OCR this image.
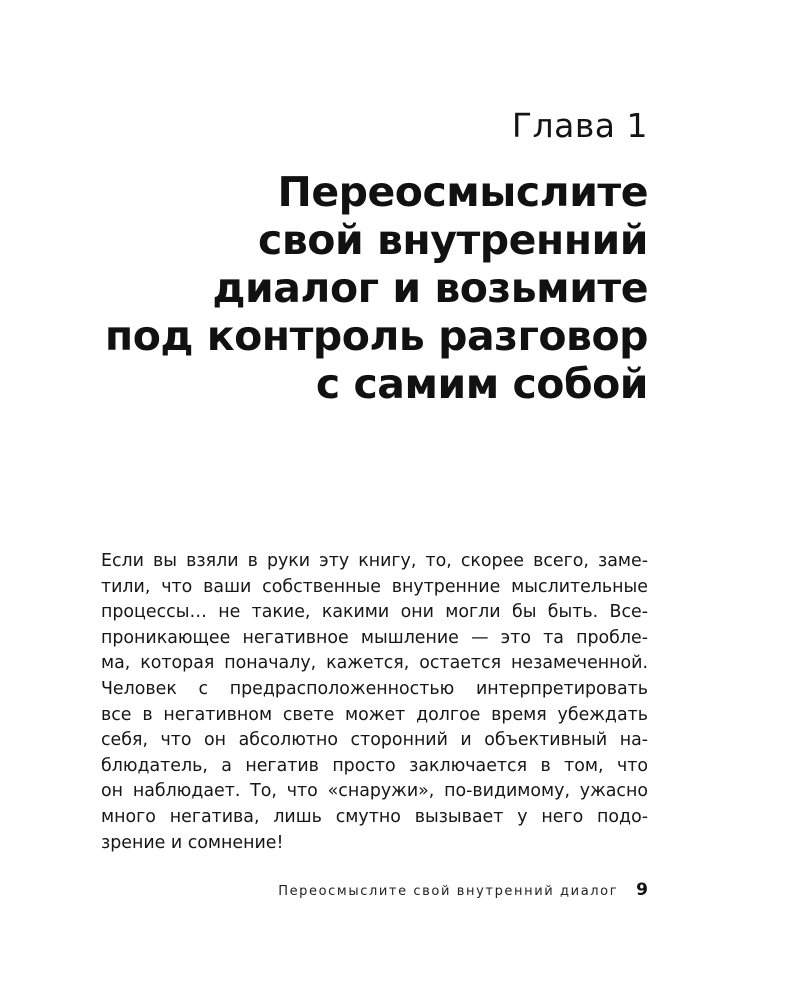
Глава 1
Переосмыслите
свой внутренний
диалог и возьмите
под контроль разговор
с самим собой

Если вы взяли в руки эту книгу, то, скорее всего, заме-
тили, что ваши собственные внутренние мыслительные
процессы… не такие, какими они могли бы быть. Все-
проникающее негативное мышление — это та пробле-
ма, которая поначалу, кажется, остается незамеченной.
Человек с предрасположенностью интерпретировать
все в негативном свете может долгое время убеждать
себя, что он абсолютно сторонний и объективный на-
блюдатель, а негатив просто заключается в том, что
он наблюдает. То, что «снаружи», по-видимому, ужасно
много негатива, лишь смутно вызывает у него подо-
зрение и сомнение!

Переосмыслите свой внутренний диалог 9
